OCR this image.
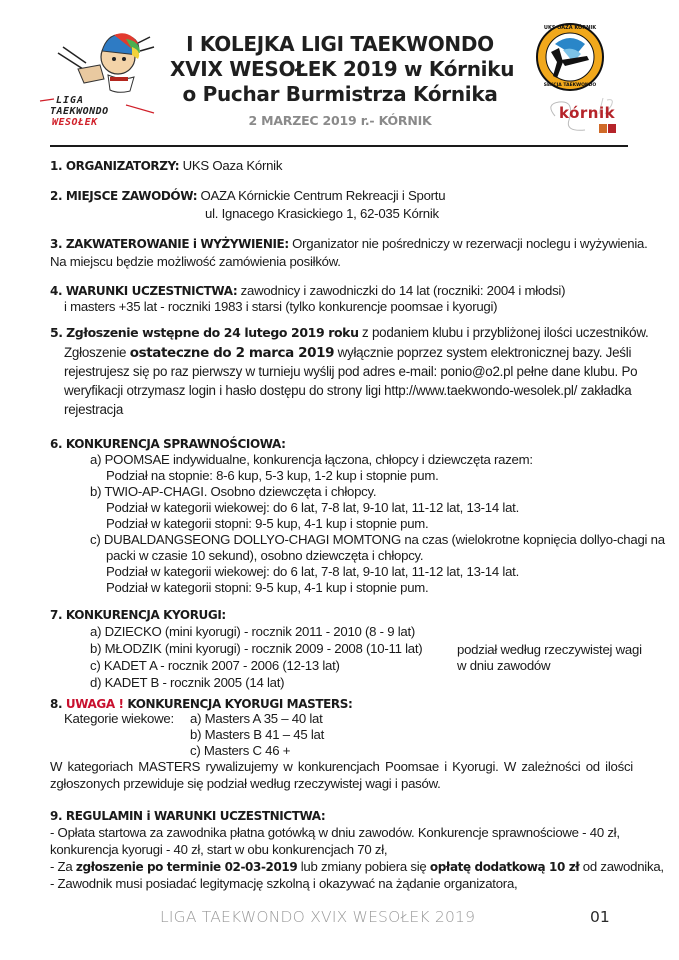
LIGA
TAEKWONDO
WESOŁEK
I KOLEJKA LIGI TAEKWONDO
XVIX WESOŁEK 2019 w Kórniku
o Puchar Burmistrza Kórnika
2 MARZEC 2019 r.- KÓRNIK
UKS OAZA KÓRNIK
SEKCJA TAEKWONDO
kórnik
1. ORGANIZATORZY: UKS Oaza Kórnik
2. MIEJSCE ZAWODÓW: OAZA Kórnickie Centrum Rekreacji i Sportu
ul. Ignacego Krasickiego 1, 62-035 Kórnik
3. ZAKWATEROWANIE i WYŻYWIENIE: Organizator nie pośredniczy w rezerwacji noclegu i wyżywienia.
Na miejscu będzie możliwość zamówienia posiłków.
4. WARUNKI UCZESTNICTWA: zawodnicy i zawodniczki do 14 lat (roczniki: 2004 i młodsi)
i masters +35 lat - roczniki 1983 i starsi (tylko konkurencje poomsae i kyorugi)
5. Zgłoszenie wstępne do 24 lutego 2019 roku z podaniem klubu i przybliżonej ilości uczestników.
Zgłoszenie ostateczne do 2 marca 2019 wyłącznie poprzez system elektronicznej bazy. Jeśli
rejestrujesz się po raz pierwszy w turnieju wyślij pod adres e-mail: ponio@o2.pl pełne dane klubu. Po
weryfikacji otrzymasz login i hasło dostępu do strony ligi http://www.taekwondo-wesolek.pl/ zakładka
rejestracja
6. KONKURENCJA SPRAWNOŚCIOWA:
a) POOMSAE indywidualne, konkurencja łączona, chłopcy i dziewczęta razem:
Podział na stopnie: 8-6 kup, 5-3 kup, 1-2 kup i stopnie pum.
b) TWIO-AP-CHAGI. Osobno dziewczęta i chłopcy.
Podział w kategorii wiekowej: do 6 lat, 7-8 lat, 9-10 lat, 11-12 lat, 13-14 lat.
Podział w kategorii stopni: 9-5 kup, 4-1 kup i stopnie pum.
c) DUBALDANGSEONG DOLLYO-CHAGI MOMTONG na czas (wielokrotne kopnięcia dollyo-chagi na
packi w czasie 10 sekund), osobno dziewczęta i chłopcy.
Podział w kategorii wiekowej: do 6 lat, 7-8 lat, 9-10 lat, 11-12 lat, 13-14 lat.
Podział w kategorii stopni: 9-5 kup, 4-1 kup i stopnie pum.
7. KONKURENCJA KYORUGI:
a) DZIECKO (mini kyorugi) - rocznik 2011 - 2010 (8 - 9 lat)
b) MŁODZIK (mini kyorugi) - rocznik 2009 - 2008 (10-11 lat)
c) KADET A - rocznik 2007 - 2006 (12-13 lat)
d) KADET B - rocznik 2005 (14 lat)
podział według rzeczywistej wagi
w dniu zawodów
8. UWAGA ! KONKURENCJA KYORUGI MASTERS:
Kategorie wiekowe: a) Masters A 35 – 40 lat
b) Masters B 41 – 45 lat
c) Masters C 46 +
W kategoriach MASTERS rywalizujemy w konkurencjach Poomsae i Kyorugi. W zależności od ilości
zgłoszonych przewiduje się podział według rzeczywistej wagi i pasów.
9. REGULAMIN i WARUNKI UCZESTNICTWA:
- Opłata startowa za zawodnika płatna gotówką w dniu zawodów. Konkurencje sprawnościowe - 40 zł,
konkurencja kyorugi - 40 zł, start w obu konkurencjach 70 zł,
- Za zgłoszenie po terminie 02-03-2019 lub zmiany pobiera się opłatę dodatkową 10 zł od zawodnika,
- Zawodnik musi posiadać legitymację szkolną i okazywać na żądanie organizatora,
LIGA TAEKWONDO XVIX WESOŁEK 2019	01
